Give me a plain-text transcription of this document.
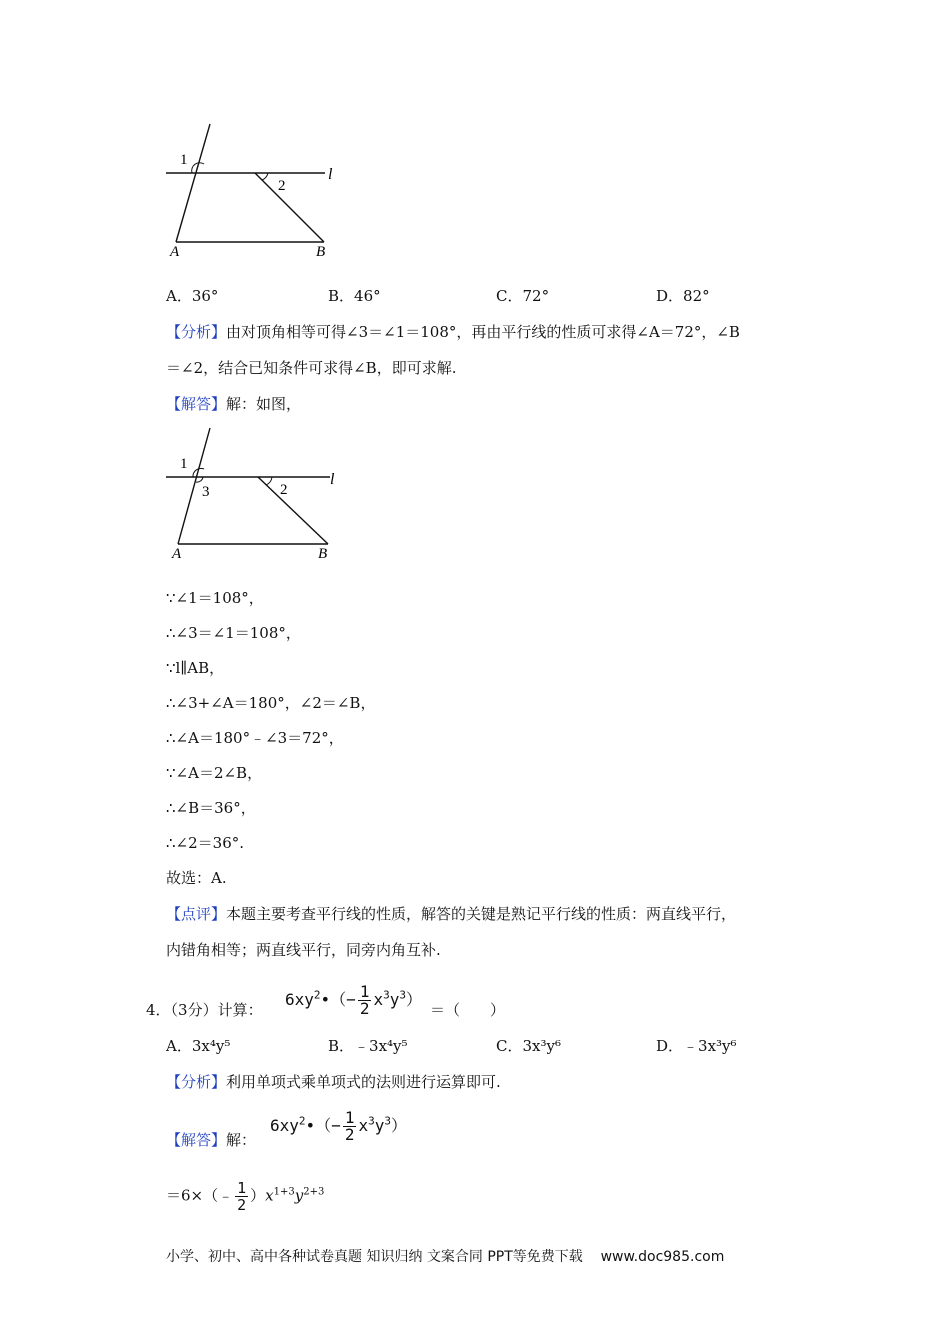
1
2
l
A	B
A．36°	B．46°	C．72°	D．82°
【分析】由对顶角相等可得∠3＝∠1＝108°，再由平行线的性质可求得∠A＝72°，∠B
＝∠2，结合已知条件可求得∠B，即可求解.
【解答】解：如图，
1
3	2
l
A	B
∵∠1＝108°，
∴∠3＝∠1＝108°，
∵l∥AB，
∴∠3+∠A＝180°，∠2＝∠B，
∴∠A＝180°﹣∠3＝72°，
∵∠A＝2∠B，
∴∠B＝36°，
∴∠2＝36°.
故选：A.
【点评】本题主要考查平行线的性质，解答的关键是熟记平行线的性质：两直线平行，
内错角相等；两直线平行，同旁内角互补.
4．（3分）计算：
$6xy^2•(- \frac{1}{2} x^3y^3)$
＝（　　）
A．3x⁴y⁵	B．﹣3x⁴y⁵	C．3x³y⁶	D．﹣3x³y⁶
【分析】利用单项式乘单项式的法则进行运算即可.
【解答】解：
$6xy^2•(- \frac{1}{2} x^3y^3)$
＝6×（﹣ $\frac{1}{2} )x^{1+3}y^{2+3}$
小学、初中、高中各种试卷真题 知识归纳 文案合同 PPT等免费下载 www.doc985.com
